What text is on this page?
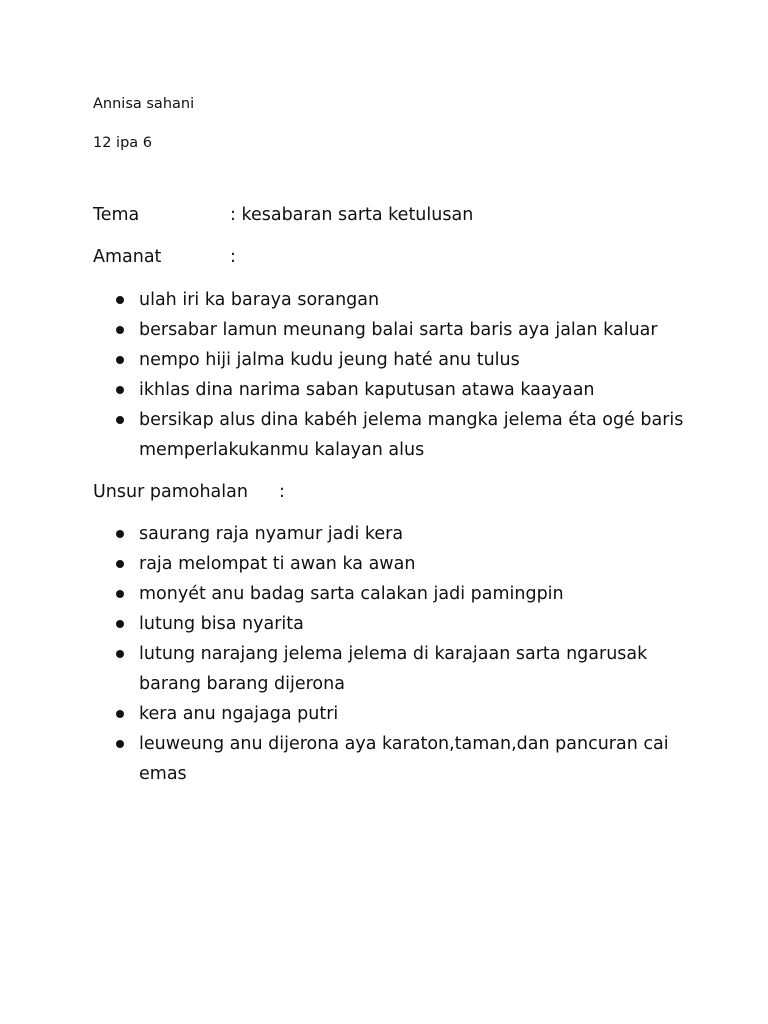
Annisa sahani
12 ipa 6
Tema	: kesabaran sarta ketulusan
Amanat	:
ulah iri ka baraya sorangan
bersabar lamun meunang balai sarta baris aya jalan kaluar
nempo hiji jalma kudu jeung haté anu tulus
ikhlas dina narima saban kaputusan atawa kaayaan
bersikap alus dina kabéh jelema mangka jelema éta ogé baris memperlakukanmu kalayan alus
Unsur pamohalan :
saurang raja nyamur jadi kera
raja melompat ti awan ka awan
monyét anu badag sarta calakan jadi pamingpin
lutung bisa nyarita
lutung narajang jelema jelema di karajaan sarta ngarusak barang barang dijerona
kera anu ngajaga putri
leuweung anu dijerona aya karaton,taman,dan pancuran cai emas
